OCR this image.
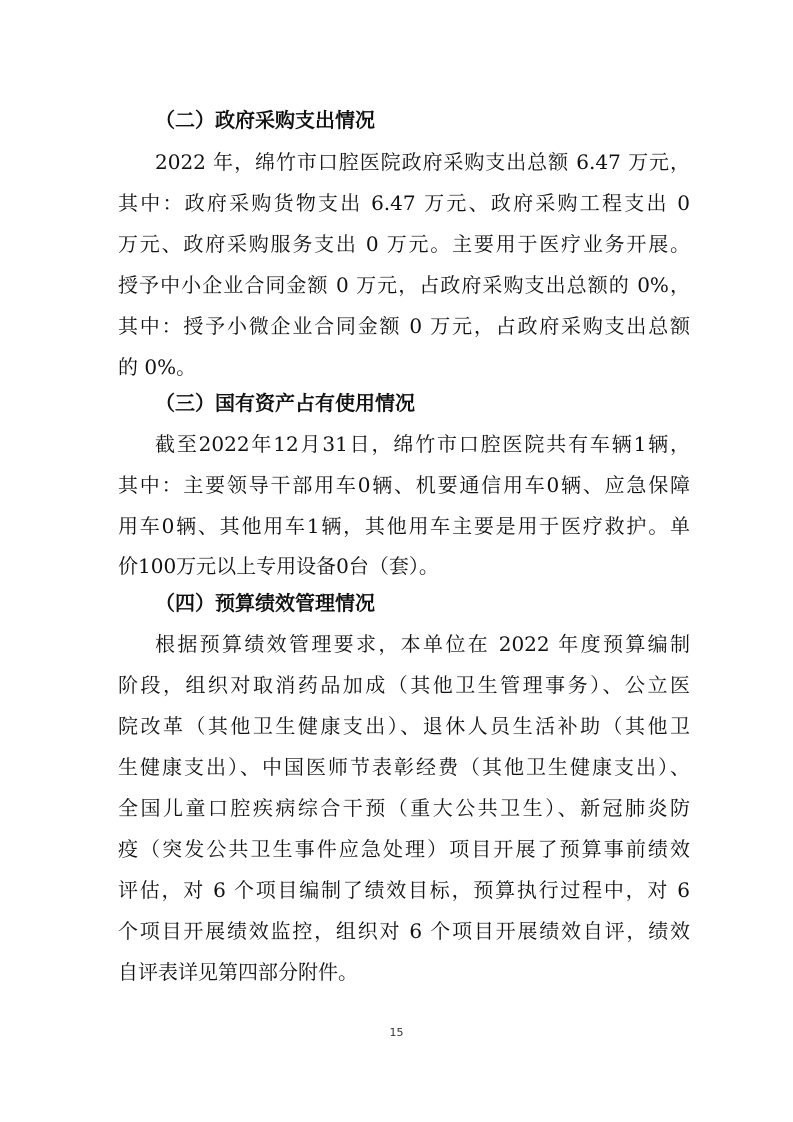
（二）政府采购支出情况
2022 年，绵竹市口腔医院政府采购支出总额 6.47 万元，
其中：政府采购货物支出 6.47 万元、政府采购工程支出 0
万元、政府采购服务支出 0 万元。主要用于医疗业务开展。
授予中小企业合同金额 0 万元，占政府采购支出总额的 0%，
其中：授予小微企业合同金额 0 万元，占政府采购支出总额
的 0%。
（三）国有资产占有使用情况
截至2022年12月31日，绵竹市口腔医院共有车辆1辆，
其中：主要领导干部用车0辆、机要通信用车0辆、应急保障
用车0辆、其他用车1辆，其他用车主要是用于医疗救护。单
价100万元以上专用设备0台（套）。
（四）预算绩效管理情况
根据预算绩效管理要求，本单位在 2022 年度预算编制
阶段，组织对取消药品加成（其他卫生管理事务）、公立医
院改革（其他卫生健康支出）、退休人员生活补助（其他卫
生健康支出）、中国医师节表彰经费（其他卫生健康支出）、
全国儿童口腔疾病综合干预（重大公共卫生）、新冠肺炎防
疫（突发公共卫生事件应急处理）项目开展了预算事前绩效
评估，对 6 个项目编制了绩效目标，预算执行过程中，对 6
个项目开展绩效监控，组织对 6 个项目开展绩效自评，绩效
自评表详见第四部分附件。
15
